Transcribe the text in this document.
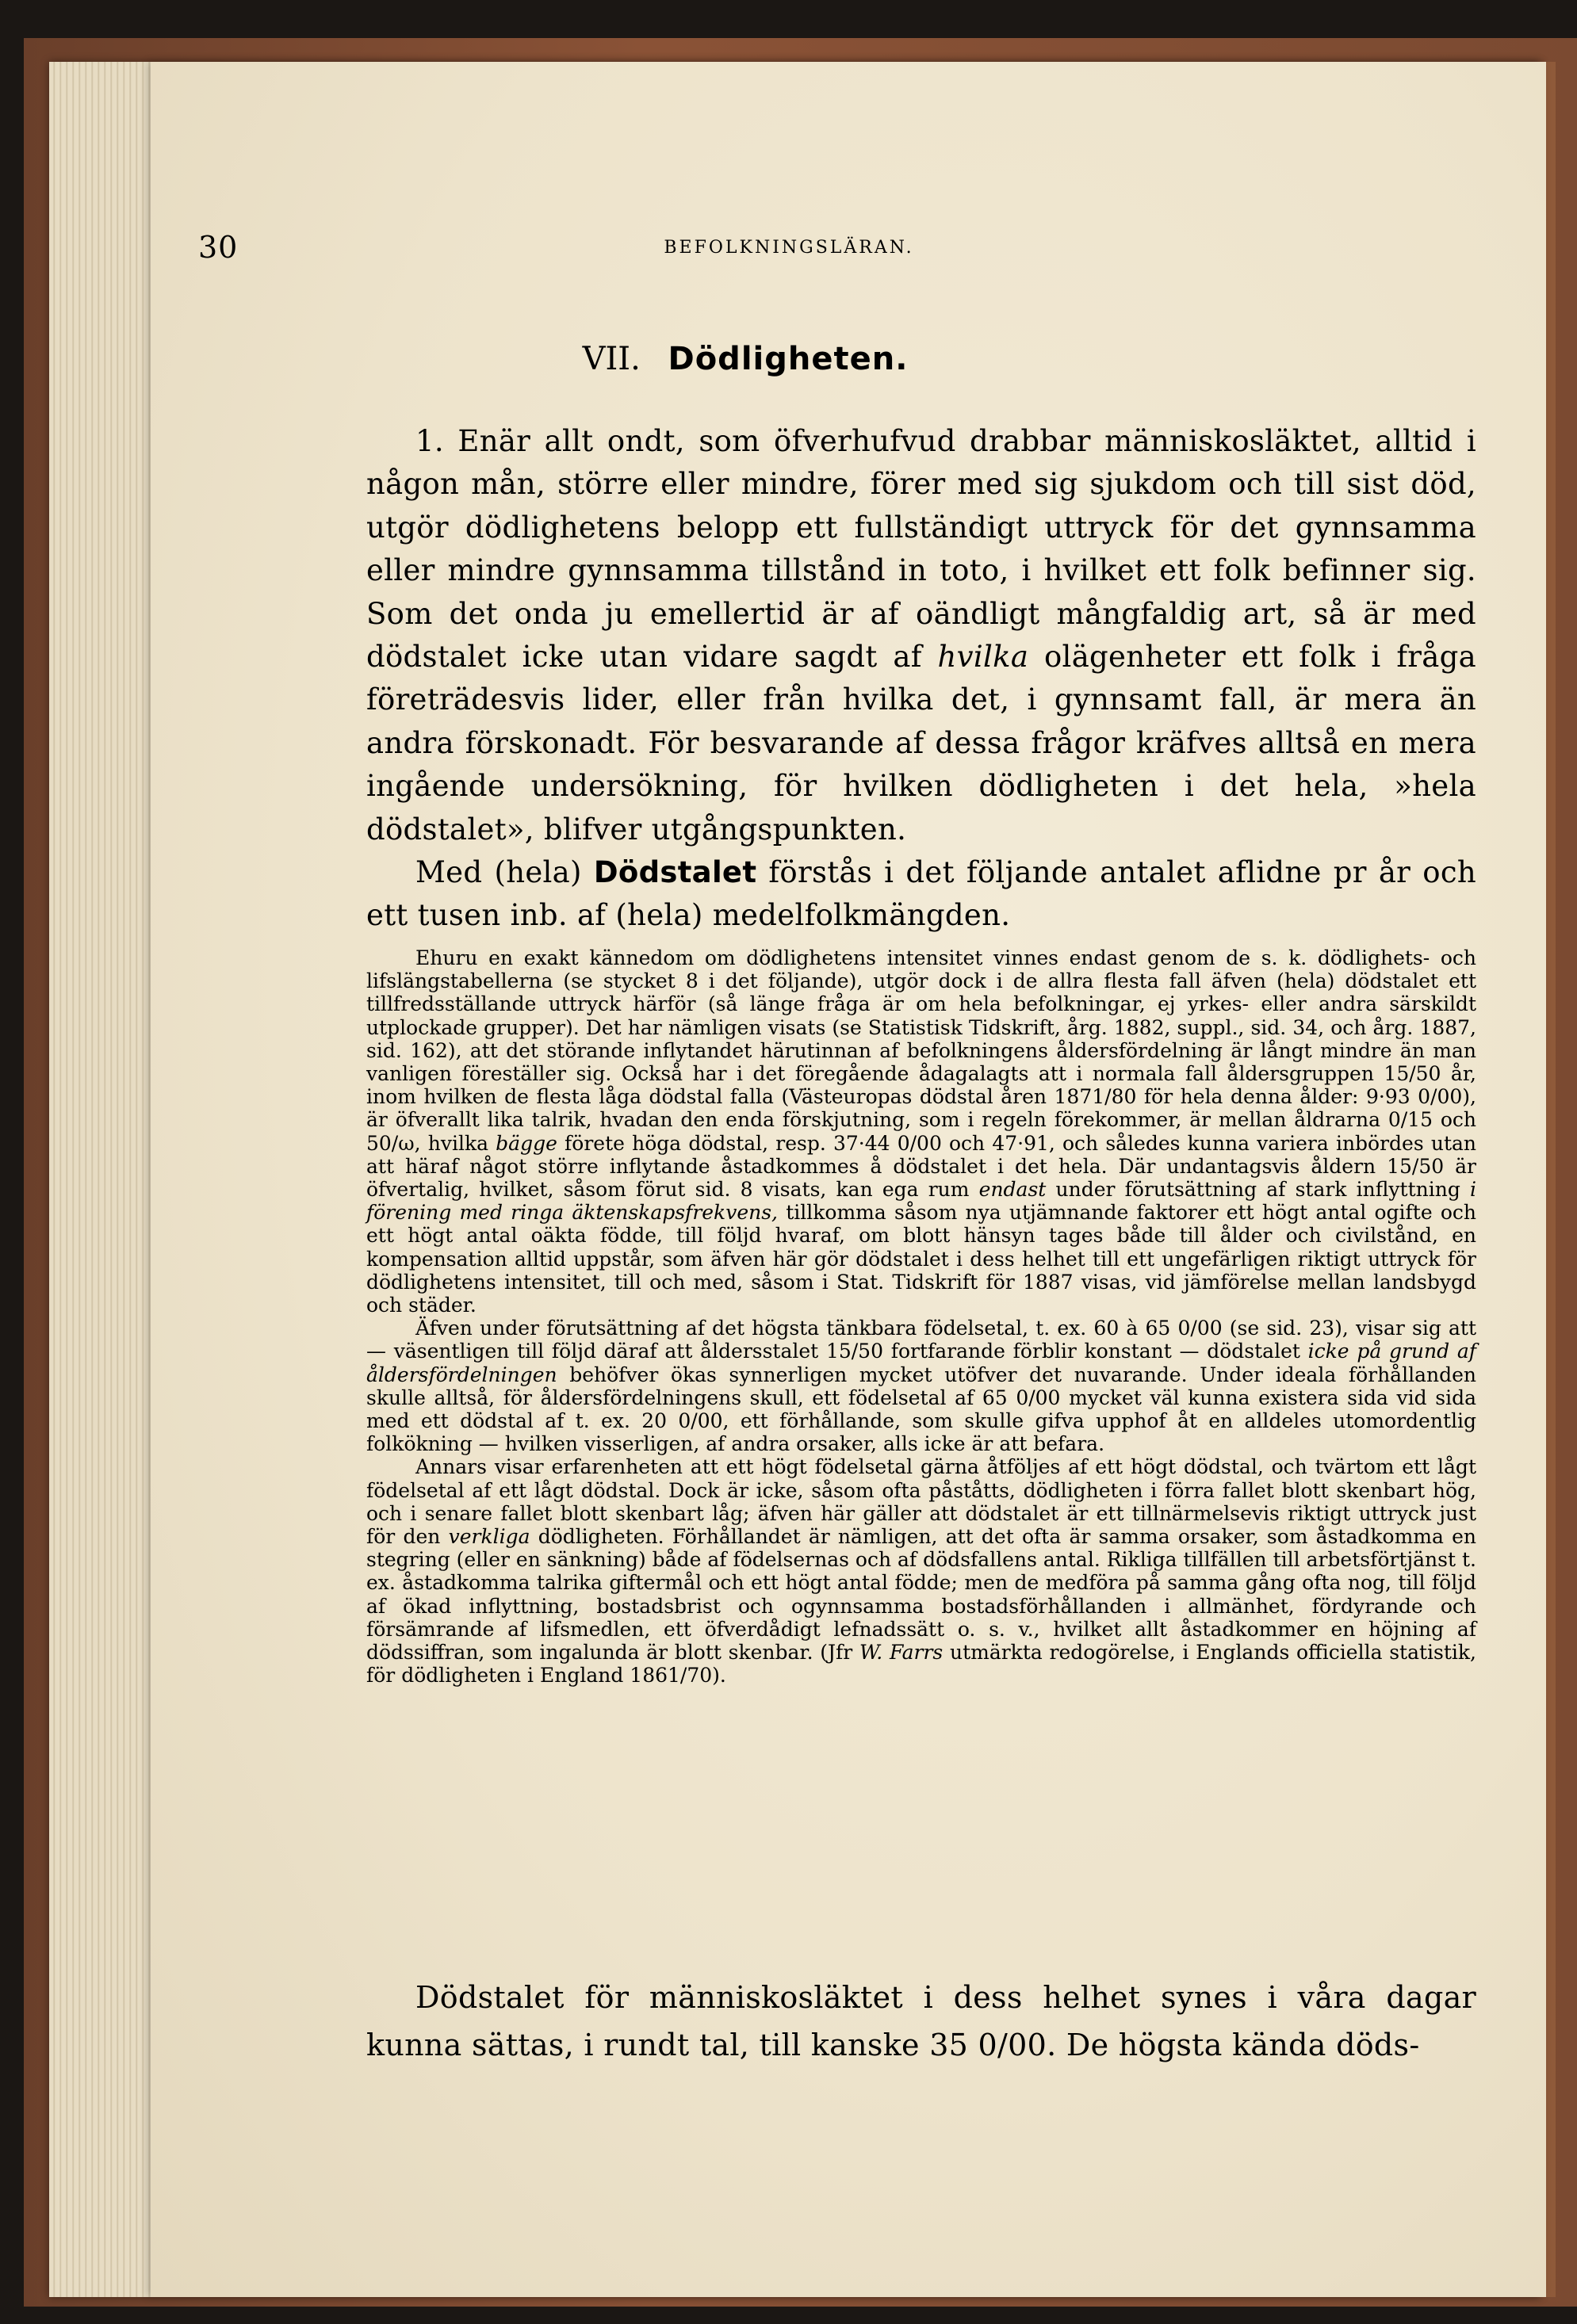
30	BEFOLKNINGSLÄRAN.
VII. Dödligheten.

1. Enär allt ondt, som öfverhufvud drabbar människosläktet, alltid i någon mån, större eller mindre, förer med sig sjukdom och till sist död, utgör dödlighetens belopp ett fullständigt uttryck för det gynnsamma eller mindre gynnsamma tillstånd in toto, i hvilket ett folk befinner sig. Som det onda ju emellertid är af oändligt mångfaldig art, så är med dödstalet icke utan vidare sagdt af hvilka olägenheter ett folk i fråga företrädesvis lider, eller från hvilka det, i gynnsamt fall, är mera än andra förskonadt. För besvarande af dessa frågor kräfves alltså en mera ingående undersökning, för hvilken dödligheten i det hela, »hela dödstalet», blifver utgångspunkten.

Med (hela) Dödstalet förstås i det följande antalet aflidne pr år och ett tusen inb. af (hela) medelfolkmängden.

Ehuru en exakt kännedom om dödlighetens intensitet vinnes endast genom de s. k. dödlighets- och lifslängstabellerna (se stycket 8 i det följande), utgör dock i de allra flesta fall äfven (hela) dödstalet ett tillfredsställande uttryck härför (så länge fråga är om hela befolkningar, ej yrkes- eller andra särskildt utplockade grupper). Det har nämligen visats (se Statistisk Tidskrift, årg. 1882, suppl., sid. 34, och årg. 1887, sid. 162), att det störande inflytandet härutinnan af befolkningens åldersfördelning är långt mindre än man vanligen föreställer sig. Också har i det föregående ådagalagts att i normala fall åldersgruppen 15/50 år, inom hvilken de flesta låga dödstal falla (Västeuropas dödstal åren 1871/80 för hela denna ålder: 9·93 0/00), är öfverallt lika talrik, hvadan den enda förskjutning, som i regeln förekommer, är mellan åldrarna 0/15 och 50/ω, hvilka bägge förete höga dödstal, resp. 37·44 0/00 och 47·91, och således kunna variera inbördes utan att häraf något större inflytande åstadkommes å dödstalet i det hela. Där undantagsvis åldern 15/50 är öfvertalig, hvilket, såsom förut sid. 8 visats, kan ega rum endast under förutsättning af stark inflyttning i förening med ringa äktenskapsfrekvens, tillkomma såsom nya utjämnande faktorer ett högt antal ogifte och ett högt antal oäkta födde, till följd hvaraf, om blott hänsyn tages både till ålder och civilstånd, en kompensation alltid uppstår, som äfven här gör dödstalet i dess helhet till ett ungefärligen riktigt uttryck för dödlighetens intensitet, till och med, såsom i Stat. Tidskrift för 1887 visas, vid jämförelse mellan landsbygd och städer.

Äfven under förutsättning af det högsta tänkbara födelsetal, t. ex. 60 à 65 0/00 (se sid. 23), visar sig att — väsentligen till följd däraf att åldersstalet 15/50 fortfarande förblir konstant — dödstalet icke på grund af åldersfördelningen behöfver ökas synnerligen mycket utöfver det nuvarande. Under ideala förhållanden skulle alltså, för åldersfördelningens skull, ett födelsetal af 65 0/00 mycket väl kunna existera sida vid sida med ett dödstal af t. ex. 20 0/00, ett förhållande, som skulle gifva upphof åt en alldeles utomordentlig folkökning — hvilken visserligen, af andra orsaker, alls icke är att befara.

Annars visar erfarenheten att ett högt födelsetal gärna åtföljes af ett högt dödstal, och tvärtom ett lågt födelsetal af ett lågt dödstal. Dock är icke, såsom ofta påståtts, dödligheten i förra fallet blott skenbart hög, och i senare fallet blott skenbart låg; äfven här gäller att dödstalet är ett tillnärmelsevis riktigt uttryck just för den verkliga dödligheten. Förhållandet är nämligen, att det ofta är samma orsaker, som åstadkomma en stegring (eller en sänkning) både af födelsernas och af dödsfallens antal. Rikliga tillfällen till arbetsförtjänst t. ex. åstadkomma talrika giftermål och ett högt antal födde; men de medföra på samma gång ofta nog, till följd af ökad inflyttning, bostadsbrist och ogynnsamma bostadsförhållanden i allmänhet, fördyrande och försämrande af lifsmedlen, ett öfverdådigt lefnadssätt o. s. v., hvilket allt åstadkommer en höjning af dödssiffran, som ingalunda är blott skenbar. (Jfr W. Farrs utmärkta redogörelse, i Englands officiella statistik, för dödligheten i England 1861/70).

Dödstalet för människosläktet i dess helhet synes i våra dagar kunna sättas, i rundt tal, till kanske 35 0/00. De högsta kända döds-
